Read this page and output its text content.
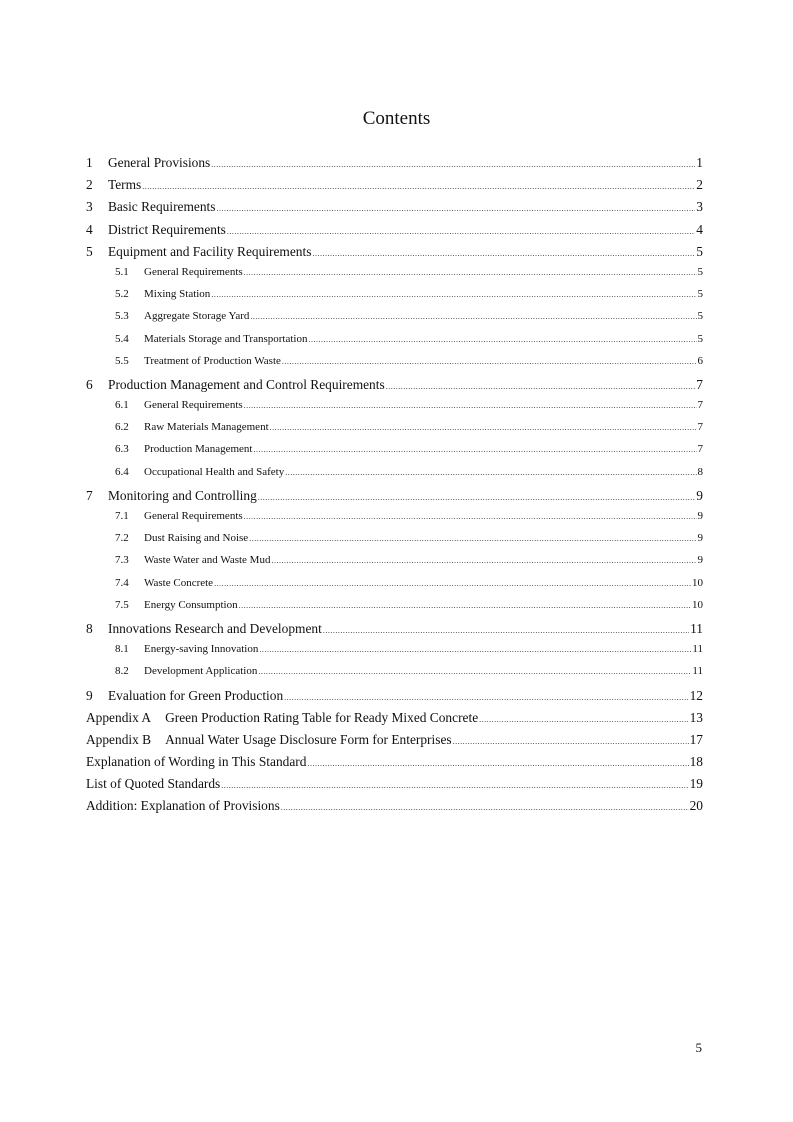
Contents
1	General Provisions .....	1
2	Terms .....	2
3	Basic Requirements .....	3
4	District Requirements .....	4
5	Equipment and Facility Requirements .....	5
5.1	General Requirements .....	5
5.2	Mixing Station .....	5
5.3	Aggregate Storage Yard .....	5
5.4	Materials Storage and Transportation .....	5
5.5	Treatment of Production Waste .....	6
6	Production Management and Control Requirements .....	7
6.1	General Requirements .....	7
6.2	Raw Materials Management .....	7
6.3	Production Management .....	7
6.4	Occupational Health and Safety .....	8
7	Monitoring and Controlling .....	9
7.1	General Requirements .....	9
7.2	Dust Raising and Noise .....	9
7.3	Waste Water and Waste Mud .....	9
7.4	Waste Concrete .....	10
7.5	Energy Consumption .....	10
8	Innovations Research and Development .....	11
8.1	Energy-saving Innovation .....	11
8.2	Development Application .....	11
9	Evaluation for Green Production .....	12
Appendix A Green Production Rating Table for Ready Mixed Concrete .....	13
Appendix B Annual Water Usage Disclosure Form for Enterprises .....	17
Explanation of Wording in This Standard .....	18
List of Quoted Standards .....	19
Addition: Explanation of Provisions .....	20
5
